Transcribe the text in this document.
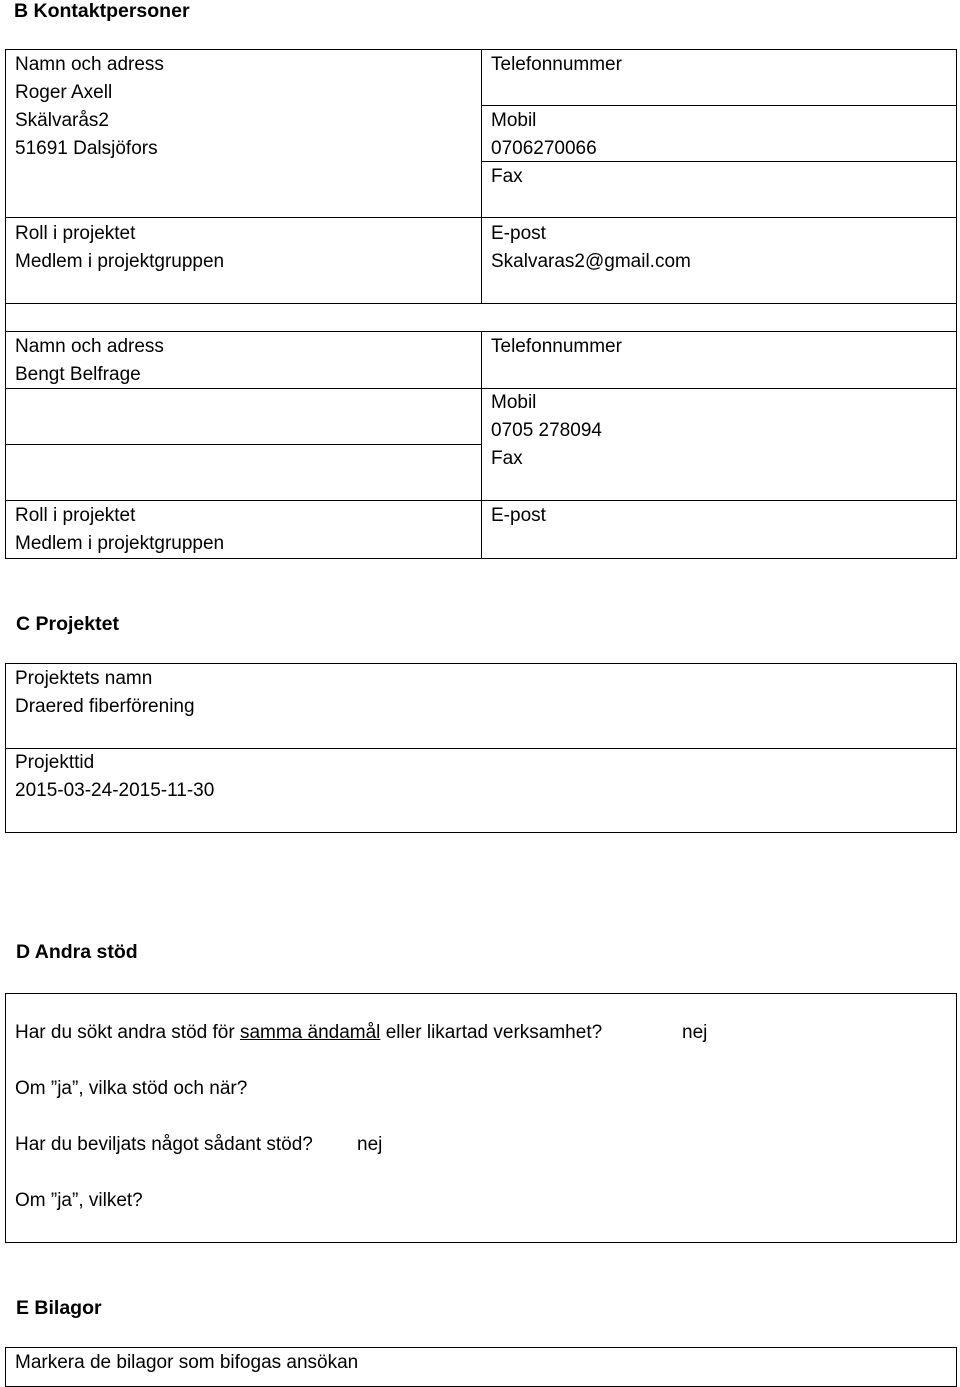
B Kontaktpersoner
Namn och adress
Roger Axell
Skälvarås2
51691 Dalsjöfors
Roll i projektet
Medlem i projektgruppen
Telefonnummer
Mobil
0706270066
Fax
E-post
Skalvaras2@gmail.com
Namn och adress
Bengt Belfrage
Roll i projektet
Medlem i projektgruppen
Telefonnummer
Mobil
0705 278094
Fax
E-post
C Projektet
Projektets namn
Draered fiberförening
Projekttid
2015-03-24-2015-11-30
D Andra stöd
Har du sökt andra stöd för samma ändamål eller likartad verksamhet?	nej
Om ”ja”, vilka stöd och när?
Har du beviljats något sådant stöd? nej
Om ”ja”, vilket?
E Bilagor
Markera de bilagor som bifogas ansökan
